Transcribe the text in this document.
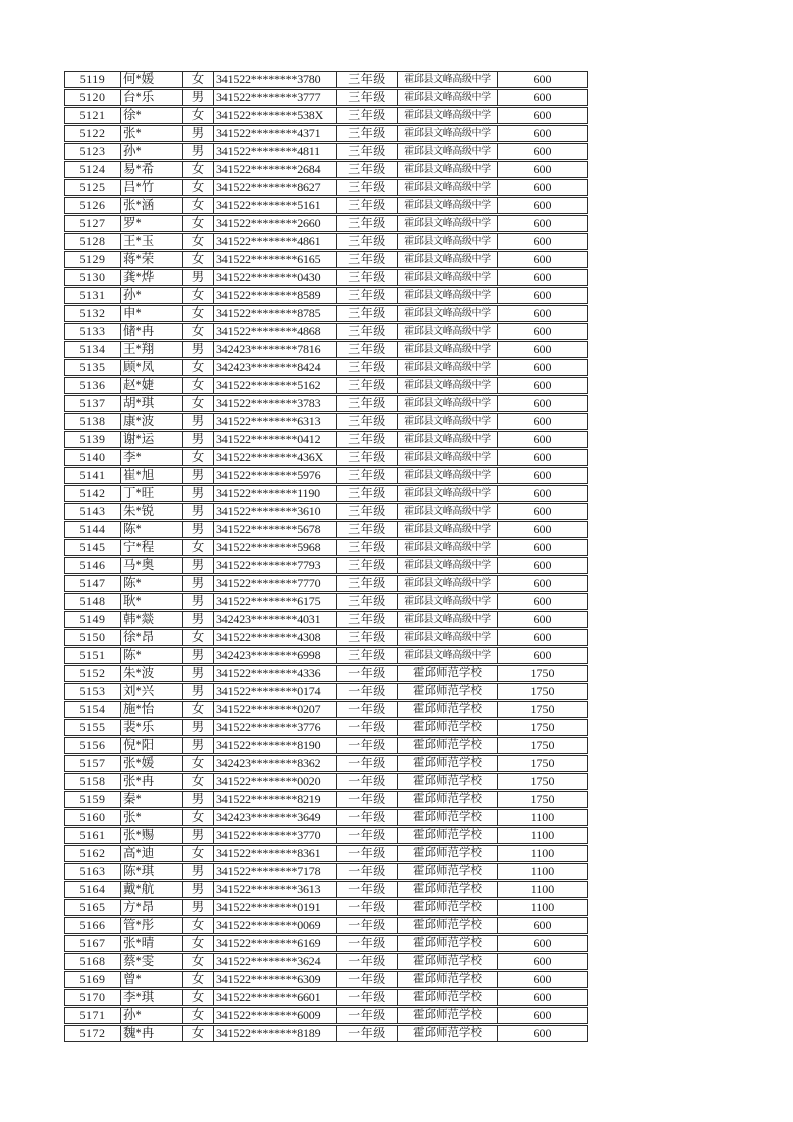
5119	何*媛	女	341522********3780	三年级	霍邱县文峰高级中学	600
5120	台*乐	男	341522********3777	三年级	霍邱县文峰高级中学	600
5121	徐*	女	341522********538X	三年级	霍邱县文峰高级中学	600
5122	张*	男	341522********4371	三年级	霍邱县文峰高级中学	600
5123	孙*	男	341522********4811	三年级	霍邱县文峰高级中学	600
5124	易*希	女	341522********2684	三年级	霍邱县文峰高级中学	600
5125	吕*竹	女	341522********8627	三年级	霍邱县文峰高级中学	600
5126	张*涵	女	341522********5161	三年级	霍邱县文峰高级中学	600
5127	罗*	女	341522********2660	三年级	霍邱县文峰高级中学	600
5128	王*玉	女	341522********4861	三年级	霍邱县文峰高级中学	600
5129	蒋*荣	女	341522********6165	三年级	霍邱县文峰高级中学	600
5130	龚*烨	男	341522********0430	三年级	霍邱县文峰高级中学	600
5131	孙*	女	341522********8589	三年级	霍邱县文峰高级中学	600
5132	申*	女	341522********8785	三年级	霍邱县文峰高级中学	600
5133	储*冉	女	341522********4868	三年级	霍邱县文峰高级中学	600
5134	王*翔	男	342423********7816	三年级	霍邱县文峰高级中学	600
5135	顾*凤	女	342423********8424	三年级	霍邱县文峰高级中学	600
5136	赵*婕	女	341522********5162	三年级	霍邱县文峰高级中学	600
5137	胡*琪	女	341522********3783	三年级	霍邱县文峰高级中学	600
5138	康*波	男	341522********6313	三年级	霍邱县文峰高级中学	600
5139	谢*运	男	341522********0412	三年级	霍邱县文峰高级中学	600
5140	李*	女	341522********436X	三年级	霍邱县文峰高级中学	600
5141	崔*旭	男	341522********5976	三年级	霍邱县文峰高级中学	600
5142	丁*旺	男	341522********1190	三年级	霍邱县文峰高级中学	600
5143	朱*锐	男	341522********3610	三年级	霍邱县文峰高级中学	600
5144	陈*	男	341522********5678	三年级	霍邱县文峰高级中学	600
5145	宁*程	女	341522********5968	三年级	霍邱县文峰高级中学	600
5146	马*奥	男	341522********7793	三年级	霍邱县文峰高级中学	600
5147	陈*	男	341522********7770	三年级	霍邱县文峰高级中学	600
5148	耿*	男	341522********6175	三年级	霍邱县文峰高级中学	600
5149	韩*燚	男	342423********4031	三年级	霍邱县文峰高级中学	600
5150	徐*昂	女	341522********4308	三年级	霍邱县文峰高级中学	600
5151	陈*	男	342423********6998	三年级	霍邱县文峰高级中学	600
5152	朱*波	男	341522********4336	一年级	霍邱师范学校	1750
5153	刘*兴	男	341522********0174	一年级	霍邱师范学校	1750
5154	施*怡	女	341522********0207	一年级	霍邱师范学校	1750
5155	裴*乐	男	341522********3776	一年级	霍邱师范学校	1750
5156	倪*阳	男	341522********8190	一年级	霍邱师范学校	1750
5157	张*媛	女	342423********8362	一年级	霍邱师范学校	1750
5158	张*冉	女	341522********0020	一年级	霍邱师范学校	1750
5159	秦*	男	341522********8219	一年级	霍邱师范学校	1750
5160	张*	女	342423********3649	一年级	霍邱师范学校	1100
5161	张*赐	男	341522********3770	一年级	霍邱师范学校	1100
5162	高*迪	女	341522********8361	一年级	霍邱师范学校	1100
5163	陈*琪	男	341522********7178	一年级	霍邱师范学校	1100
5164	戴*航	男	341522********3613	一年级	霍邱师范学校	1100
5165	方*昂	男	341522********0191	一年级	霍邱师范学校	1100
5166	管*彤	女	341522********0069	一年级	霍邱师范学校	600
5167	张*晴	女	341522********6169	一年级	霍邱师范学校	600
5168	蔡*雯	女	341522********3624	一年级	霍邱师范学校	600
5169	曾*	女	341522********6309	一年级	霍邱师范学校	600
5170	李*琪	女	341522********6601	一年级	霍邱师范学校	600
5171	孙*	女	341522********6009	一年级	霍邱师范学校	600
5172	魏*冉	女	341522********8189	一年级	霍邱师范学校	600
